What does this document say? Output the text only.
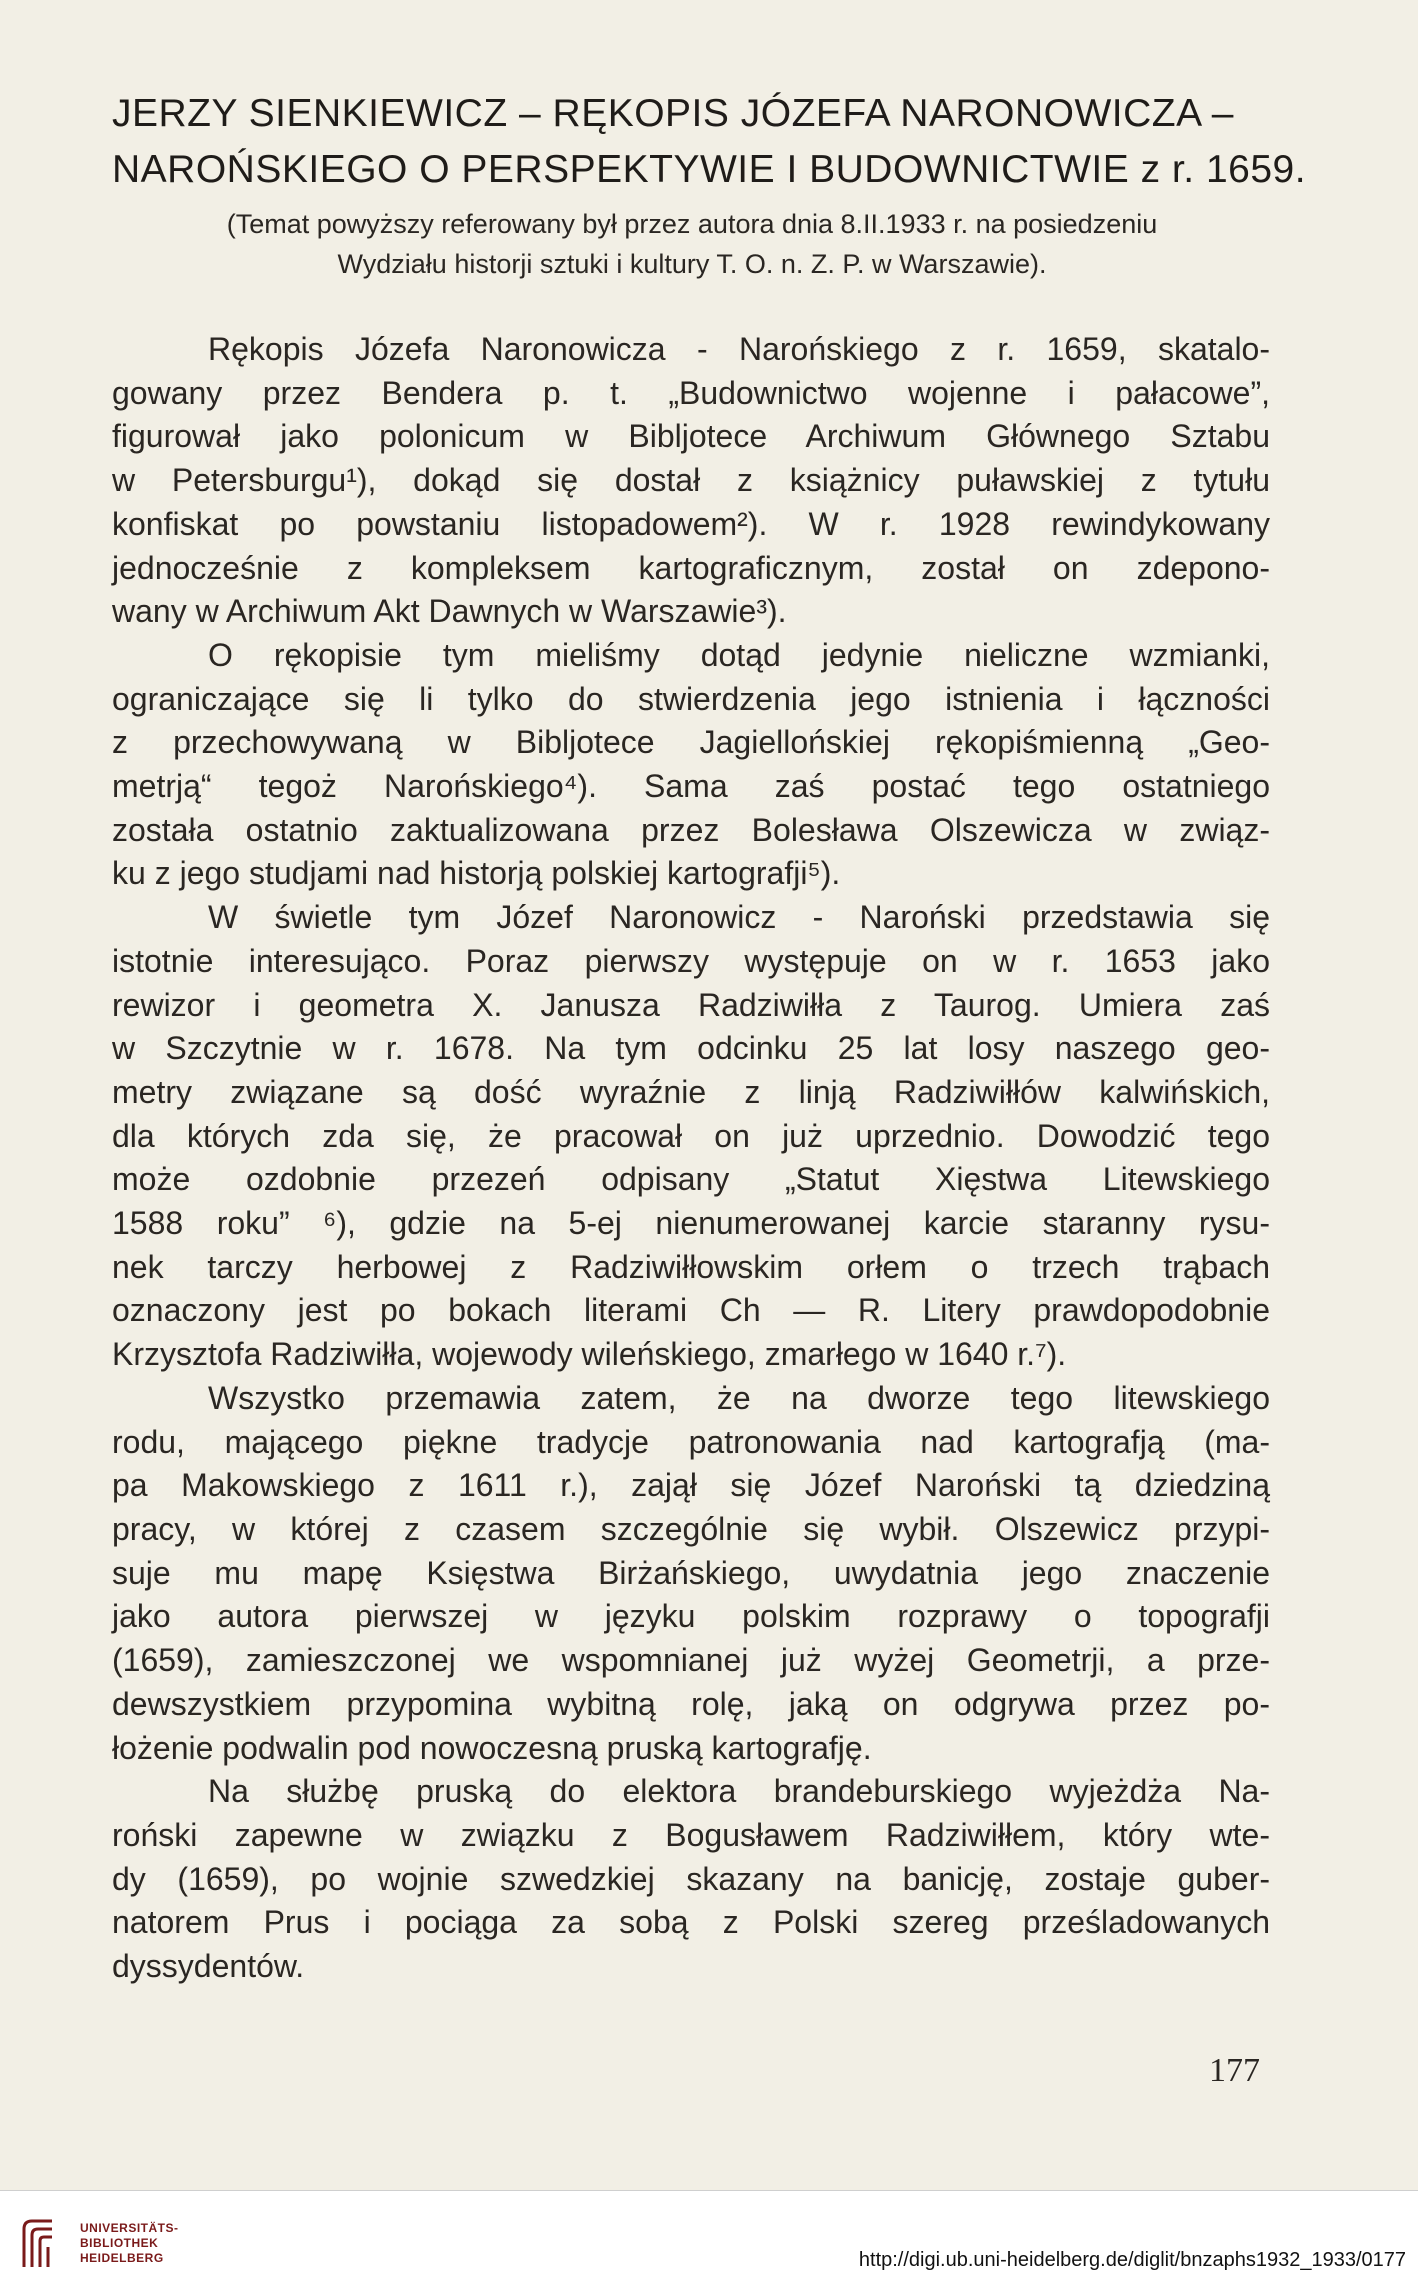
JERZY SIENKIEWICZ – RĘKOPIS JÓZEFA NARONOWICZA –
NAROŃSKIEGO O PERSPEKTYWIE I BUDOWNICTWIE z r. 1659.
(Temat powyższy referowany był przez autora dnia 8.II.1933 r. na posiedzeniu
Wydziału historji sztuki i kultury T. O. n. Z. P. w Warszawie).
Rękopis Józefa Naronowicza - Narońskiego z r. 1659, skatalo-
gowany przez Bendera p. t. „Budownictwo wojenne i pałacowe”,
figurował jako polonicum w Bibljotece Archiwum Głównego Sztabu
w Petersburgu¹), dokąd się dostał z książnicy puławskiej z tytułu
konfiskat po powstaniu listopadowem²). W r. 1928 rewindykowany
jednocześnie z kompleksem kartograficznym, został on zdepono-
wany w Archiwum Akt Dawnych w Warszawie³).
O rękopisie tym mieliśmy dotąd jedynie nieliczne wzmianki,
ograniczające się li tylko do stwierdzenia jego istnienia i łączności
z przechowywaną w Bibljotece Jagiellońskiej rękopiśmienną „Geo-
metrją“ tegoż Narońskiego⁴). Sama zaś postać tego ostatniego
została ostatnio zaktualizowana przez Bolesława Olszewicza w związ-
ku z jego studjami nad historją polskiej kartografji⁵).
W świetle tym Józef Naronowicz - Naroński przedstawia się
istotnie interesująco. Poraz pierwszy występuje on w r. 1653 jako
rewizor i geometra X. Janusza Radziwiłła z Taurog. Umiera zaś
w Szczytnie w r. 1678. Na tym odcinku 25 lat losy naszego geo-
metry związane są dość wyraźnie z linją Radziwiłłów kalwińskich,
dla których zda się, że pracował on już uprzednio. Dowodzić tego
może ozdobnie przezeń odpisany „Statut Xięstwa Litewskiego
1588 roku” ⁶), gdzie na 5-ej nienumerowanej karcie staranny rysu-
nek tarczy herbowej z Radziwiłłowskim orłem o trzech trąbach
oznaczony jest po bokach literami Ch — R. Litery prawdopodobnie
Krzysztofa Radziwiłła, wojewody wileńskiego, zmarłego w 1640 r.⁷).
Wszystko przemawia zatem, że na dworze tego litewskiego
rodu, mającego piękne tradycje patronowania nad kartografją (ma-
pa Makowskiego z 1611 r.), zajął się Józef Naroński tą dziedziną
pracy, w której z czasem szczególnie się wybił. Olszewicz przypi-
suje mu mapę Księstwa Birżańskiego, uwydatnia jego znaczenie
jako autora pierwszej w języku polskim rozprawy o topografji
(1659), zamieszczonej we wspomnianej już wyżej Geometrji, a prze-
dewszystkiem przypomina wybitną rolę, jaką on odgrywa przez po-
łożenie podwalin pod nowoczesną pruską kartografję.
Na służbę pruską do elektora brandeburskiego wyjeżdża Na-
roński zapewne w związku z Bogusławem Radziwiłłem, który wte-
dy (1659), po wojnie szwedzkiej skazany na banicję, zostaje guber-
natorem Prus i pociąga za sobą z Polski szereg prześladowanych
dyssydentów.
177
UNIVERSITÄTS-
BIBLIOTHEK
HEIDELBERG	http://digi.ub.uni-heidelberg.de/diglit/bnzaphs1932_1933/0177
